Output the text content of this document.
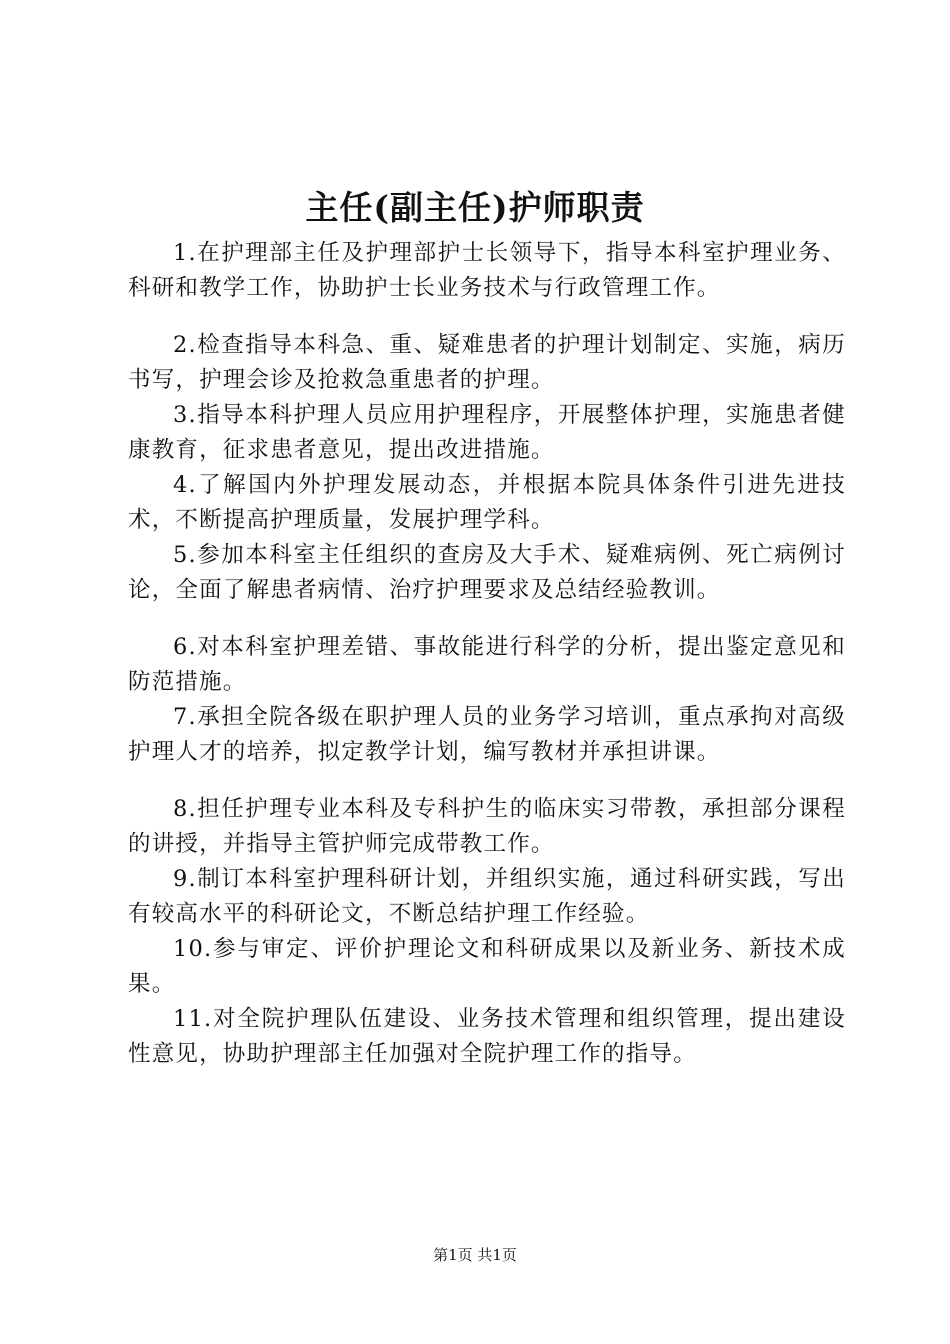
主任(副主任)护师职责

1.在护理部主任及护理部护士长领导下，指导本科室护理业务、科研和教学工作，协助护士长业务技术与行政管理工作。

2.检查指导本科急、重、疑难患者的护理计划制定、实施，病历书写，护理会诊及抢救急重患者的护理。

3.指导本科护理人员应用护理程序，开展整体护理，实施患者健康教育，征求患者意见，提出改进措施。

4.了解国内外护理发展动态，并根据本院具体条件引进先进技术，不断提高护理质量，发展护理学科。

5.参加本科室主任组织的查房及大手术、疑难病例、死亡病例讨论，全面了解患者病情、治疗护理要求及总结经验教训。

6.对本科室护理差错、事故能进行科学的分析，提出鉴定意见和防范措施。

7.承担全院各级在职护理人员的业务学习培训，重点承拘对高级护理人才的培养，拟定教学计划，编写教材并承担讲课。

8.担任护理专业本科及专科护生的临床实习带教，承担部分课程的讲授，并指导主管护师完成带教工作。

9.制订本科室护理科研计划，并组织实施，通过科研实践，写出有较高水平的科研论文，不断总结护理工作经验。

10.参与审定、评价护理论文和科研成果以及新业务、新技术成果。

11.对全院护理队伍建设、业务技术管理和组织管理，提出建设性意见，协助护理部主任加强对全院护理工作的指导。

第1页 共1页
